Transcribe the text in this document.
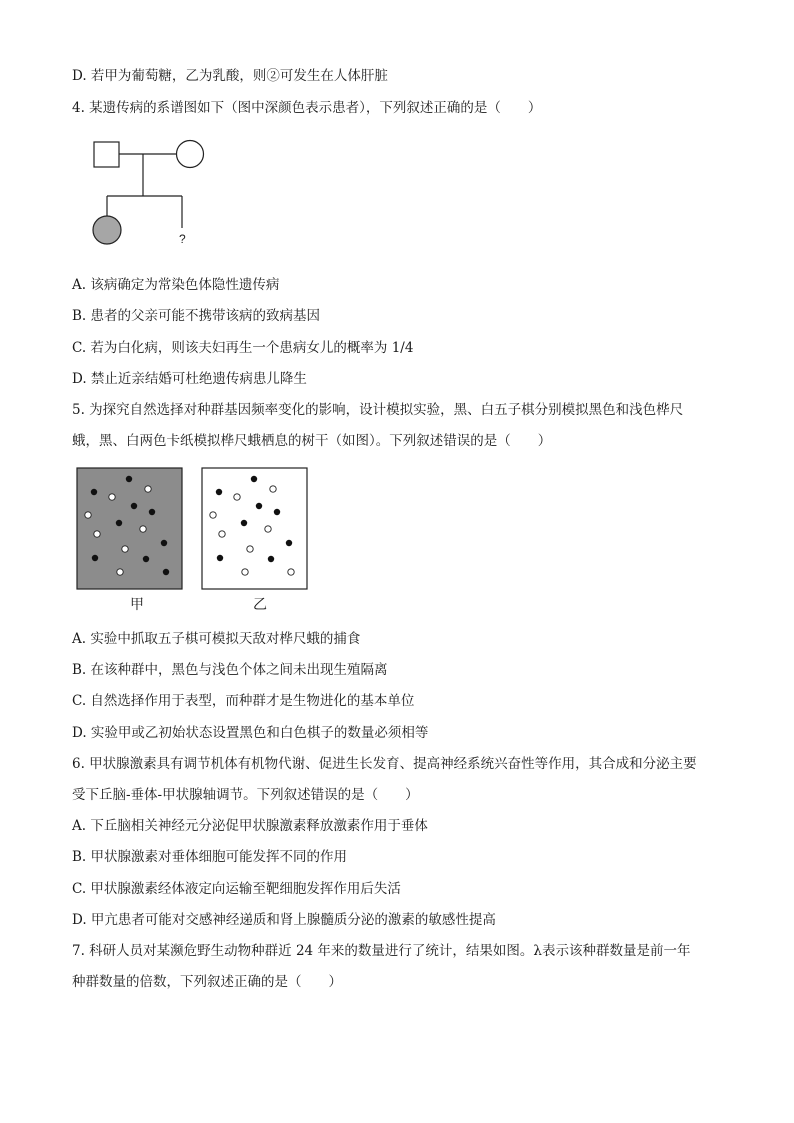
D. 若甲为葡萄糖，乙为乳酸，则②可发生在人体肝脏
4. 某遗传病的系谱图如下（图中深颜色表示患者），下列叙述正确的是（　　）
?
A. 该病确定为常染色体隐性遗传病
B. 患者的父亲可能不携带该病的致病基因
C. 若为白化病，则该夫妇再生一个患病女儿的概率为 1/4
D. 禁止近亲结婚可杜绝遗传病患儿降生
5. 为探究自然选择对种群基因频率变化的影响，设计模拟实验，黑、白五子棋分别模拟黑色和浅色桦尺
蛾，黑、白两色卡纸模拟桦尺蛾栖息的树干（如图）。下列叙述错误的是（　　）
甲	乙
A. 实验中抓取五子棋可模拟天敌对桦尺蛾的捕食
B. 在该种群中，黑色与浅色个体之间未出现生殖隔离
C. 自然选择作用于表型，而种群才是生物进化的基本单位
D. 实验甲或乙初始状态设置黑色和白色棋子的数量必须相等
6. 甲状腺激素具有调节机体有机物代谢、促进生长发育、提高神经系统兴奋性等作用，其合成和分泌主要
受下丘脑-垂体-甲状腺轴调节。下列叙述错误的是（　　）
A. 下丘脑相关神经元分泌促甲状腺激素释放激素作用于垂体
B. 甲状腺激素对垂体细胞可能发挥不同的作用
C. 甲状腺激素经体液定向运输至靶细胞发挥作用后失活
D. 甲亢患者可能对交感神经递质和肾上腺髓质分泌的激素的敏感性提高
7. 科研人员对某濒危野生动物种群近 24 年来的数量进行了统计，结果如图。λ表示该种群数量是前一年
种群数量的倍数，下列叙述正确的是（　　）
